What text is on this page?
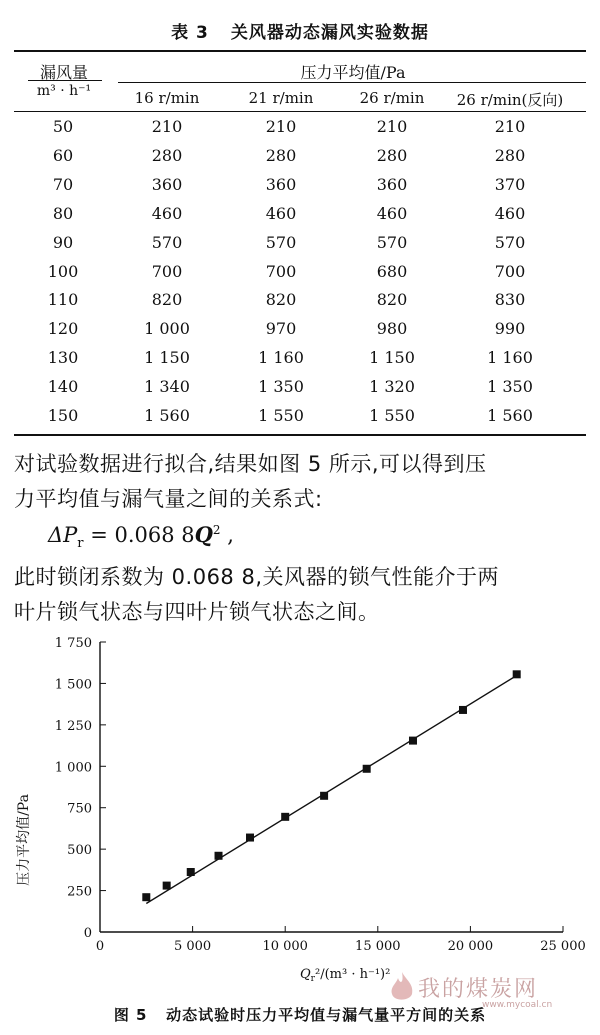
表 3 关风器动态漏风实验数据
漏风量
m³ · h⁻¹
压力平均值/Pa
16 r/min	21 r/min	26 r/min	26 r/min(反向)
50	210	210	210	210
60	280	280	280	280
70	360	360	360	370
80	460	460	460	460
90	570	570	570	570
100	700	700	680	700
110	820	820	820	830
120	1 000	970	980	990
130	1 150	1 160	1 150	1 160
140	1 340	1 350	1 320	1 350
150	1 560	1 550	1 550	1 560
对试验数据进行拟合,结果如图 5 所示,可以得到压
力平均值与漏气量之间的关系式:
$\Delta P_r = 0.068$ $8Q^2$ ,
此时锁闭系数为 0.068 8,关风器的锁气性能介于两
叶片锁气状态与四叶片锁气状态之间。
0	5 000	10 000	15 000	20 000	25 000
0
250
500
750
1 000
1 250
1 500
1 750
压力平均值/Pa
$Q_r^2/(m^3 \cdot h^{-1})^2$
我的煤炭网
www.mycoal.cn
图 5 动态试验时压力平均值与漏气量平方间的关系
